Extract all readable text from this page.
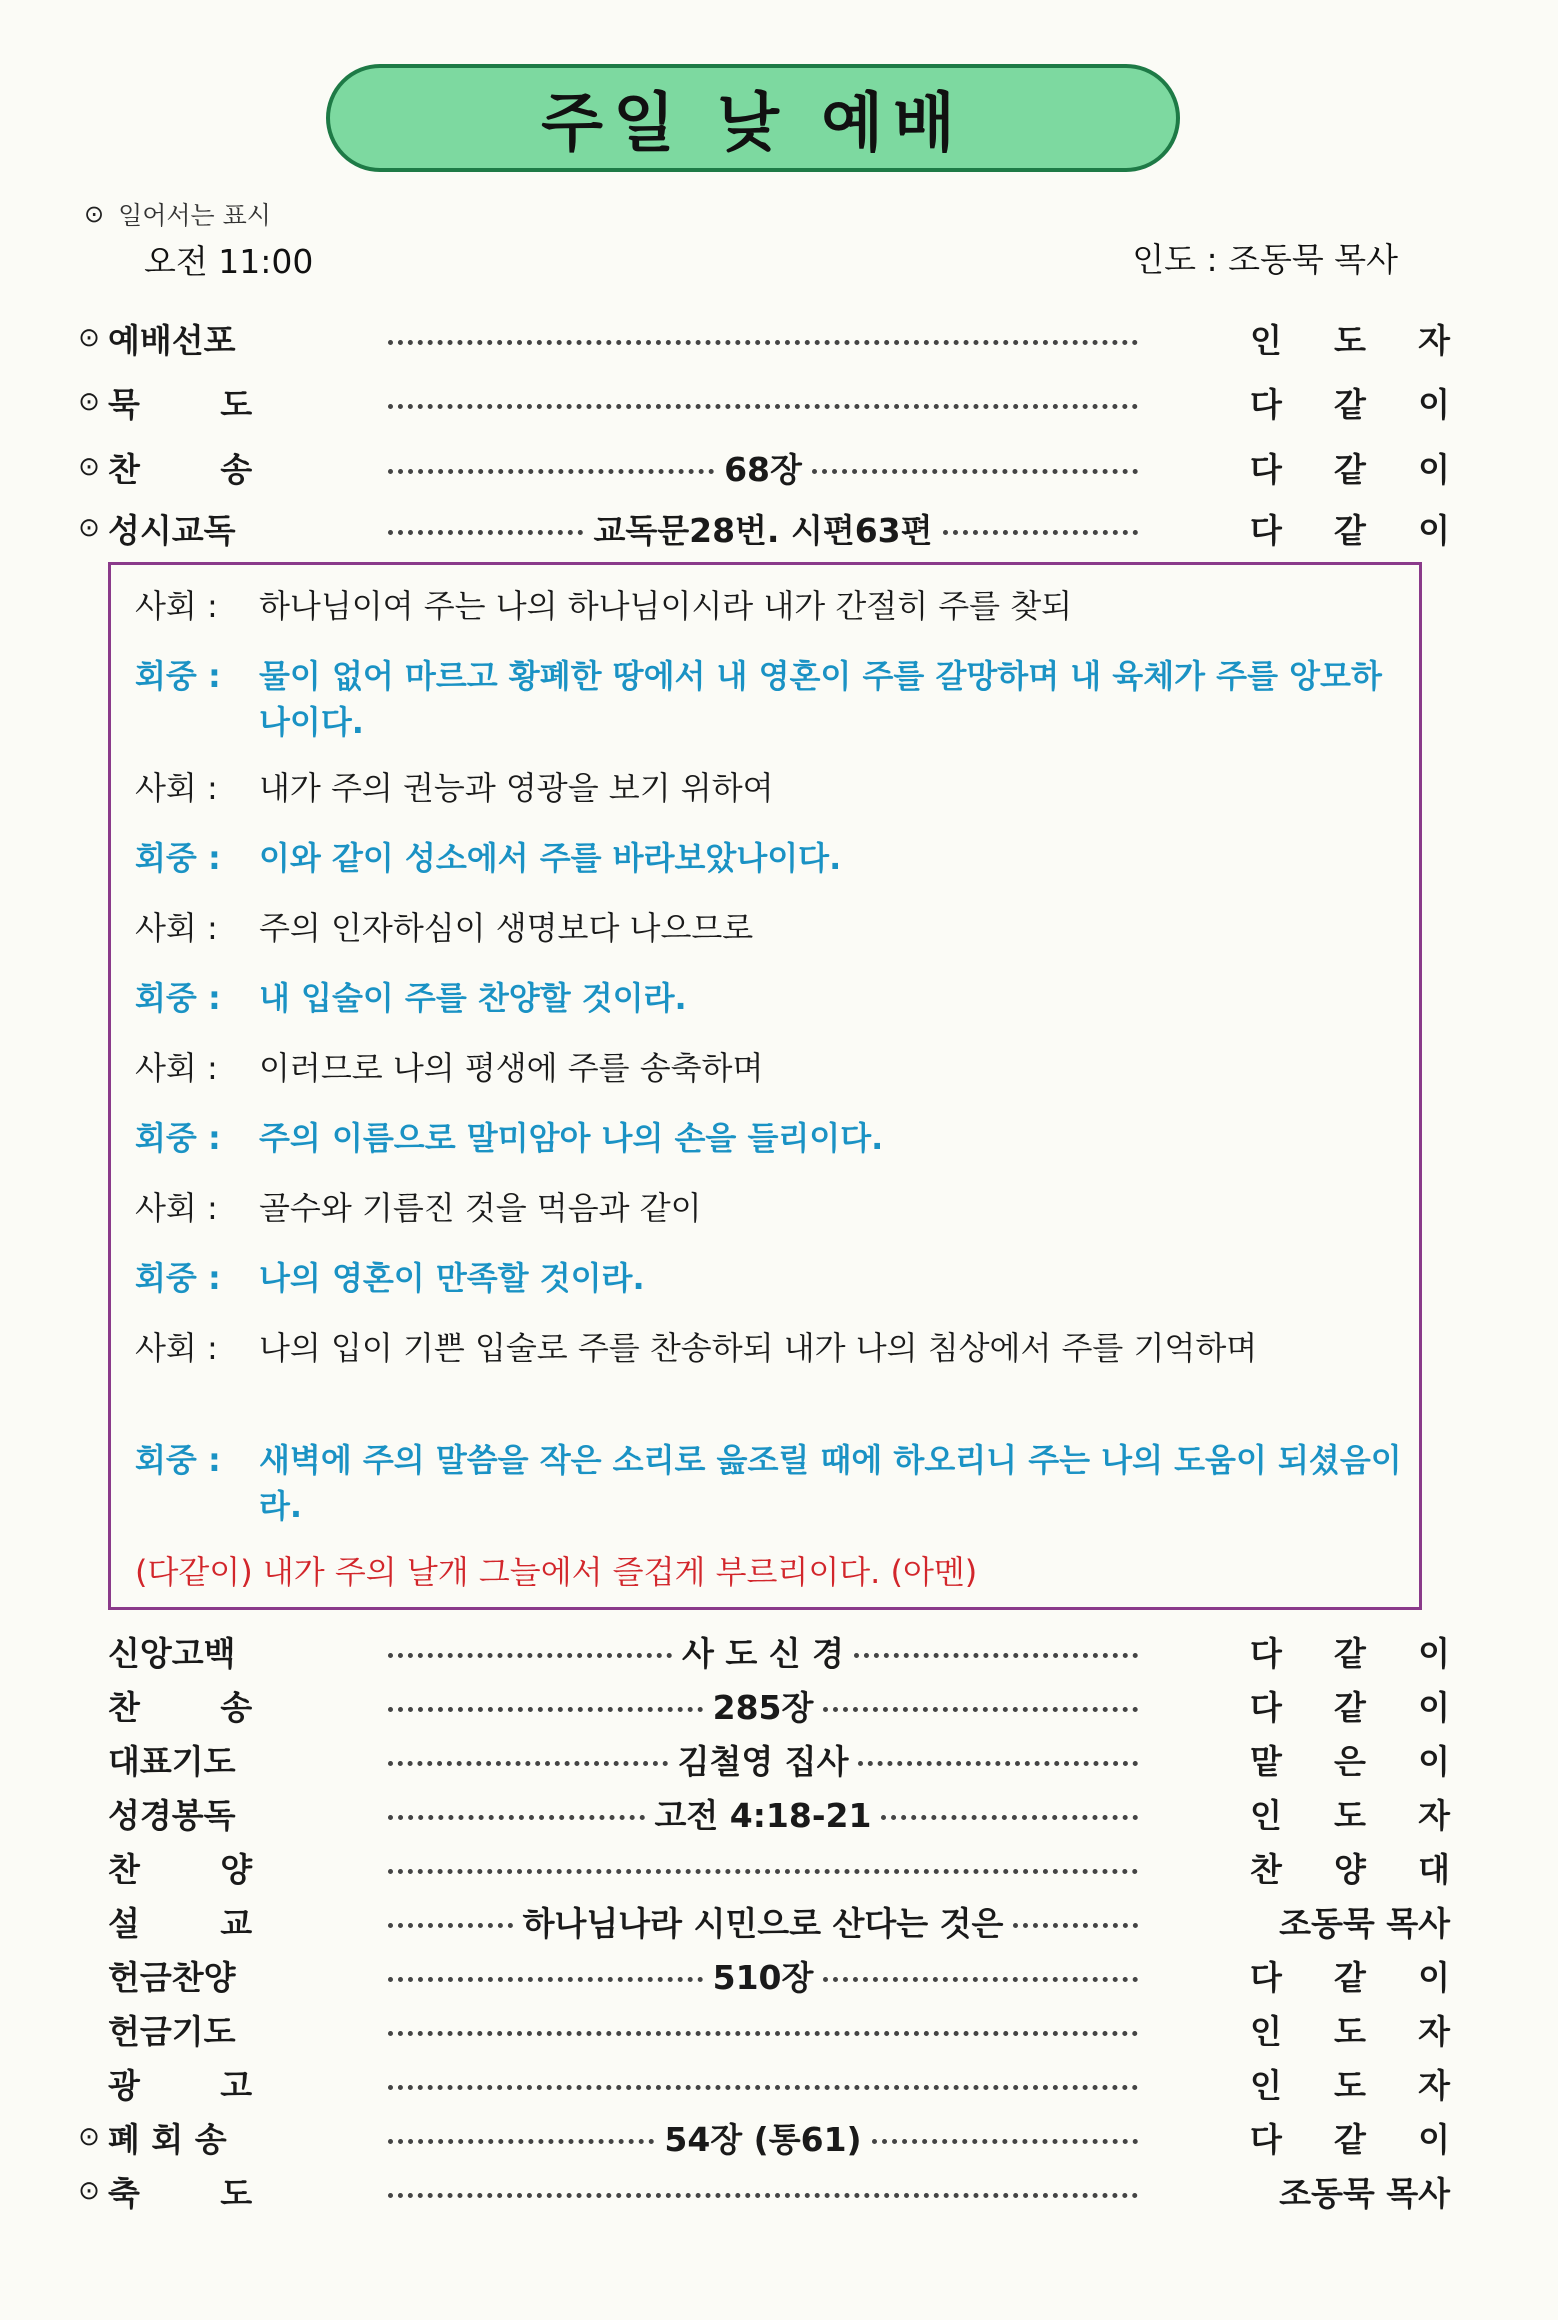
주일 낮 예배
⊙ 일어서는 표시
오전 11:00	인도 : 조동묵 목사
⊙ 예배선포	인 도 자
⊙ 묵       도	다 같 이
⊙ 찬       송	68장	다 같 이
⊙ 성시교독	교독문28번. 시편63편	다 같 이
사회 :	하나님이여 주는 나의 하나님이시라 내가 간절히 주를 찾되
회중 :	물이 없어 마르고 황폐한 땅에서 내 영혼이 주를 갈망하며 내 육체가 주를 앙모하나이다.
사회 :	내가 주의 권능과 영광을 보기 위하여
회중 :	이와 같이 성소에서 주를 바라보았나이다.
사회 :	주의 인자하심이 생명보다 나으므로
회중 :	내 입술이 주를 찬양할 것이라.
사회 :	이러므로 나의 평생에 주를 송축하며
회중 :	주의 이름으로 말미암아 나의 손을 들리이다.
사회 :	골수와 기름진 것을 먹음과 같이
회중 :	나의 영혼이 만족할 것이라.
사회 :	나의 입이 기쁜 입술로 주를 찬송하되 내가 나의 침상에서 주를 기억하며
회중 :	새벽에 주의 말씀을 작은 소리로 읊조릴 때에 하오리니 주는 나의 도움이 되셨음이라.
(다같이) 내가 주의 날개 그늘에서 즐겁게 부르리이다. (아멘)
신앙고백	사 도 신 경	다 같 이
찬       송	285장	다 같 이
대표기도	김철영 집사	맡 은 이
성경봉독	고전 4:18-21	인 도 자
찬       양	찬 양 대
설       교	하나님나라 시민으로 산다는 것은	조동묵 목사
헌금찬양	510장	다 같 이
헌금기도	인 도 자
광       고	인 도 자
⊙ 폐 회 송	54장 (통61)	다 같 이
⊙ 축       도	조동묵 목사
